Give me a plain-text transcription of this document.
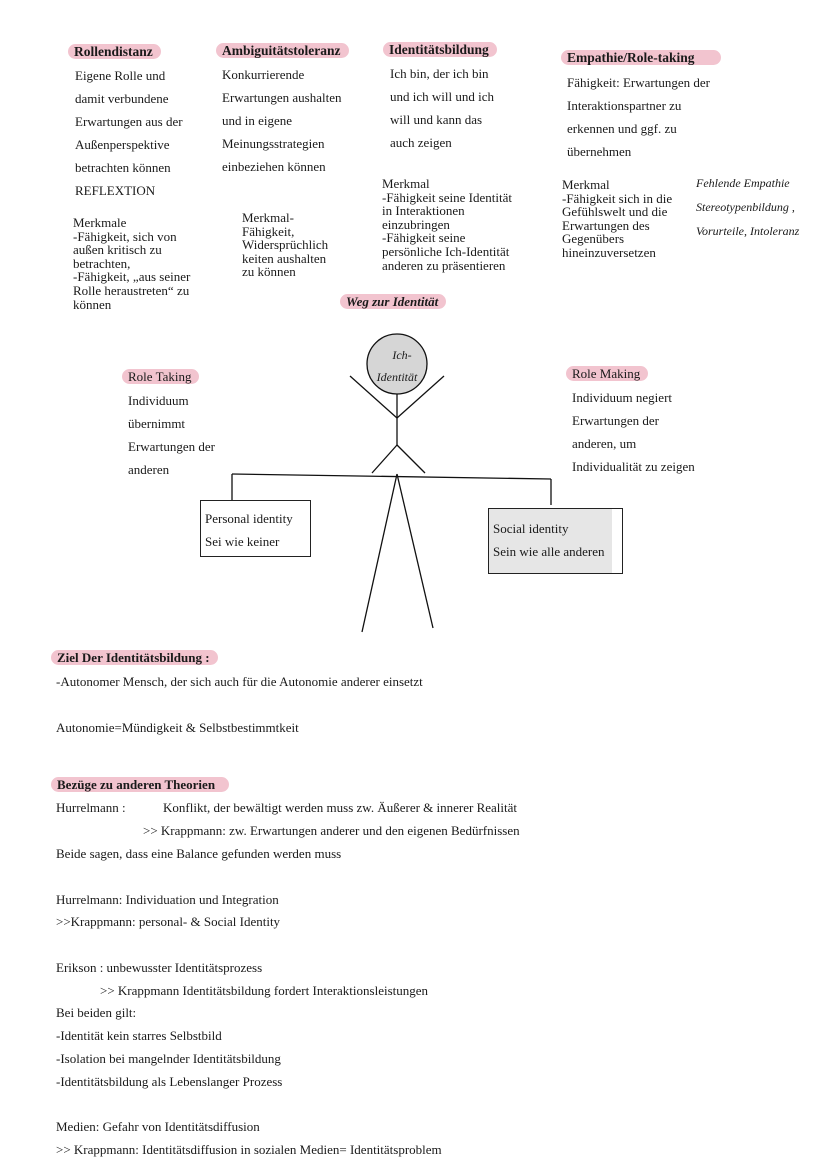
Rollendistanz
Eigene Rolle und
damit verbundene
Erwartungen aus der
Außenperspektive
betrachten können
REFLEXTION
Merkmale
-Fähigkeit, sich von
außen kritisch zu
betrachten,
-Fähigkeit, „aus seiner
Rolle heraustreten“ zu
können
Ambiguitätstoleranz
Konkurrierende
Erwartungen aushalten
und in eigene
Meinungsstrategien
einbeziehen können
Merkmal-
Fähigkeit,
Widersprüchlich
keiten aushalten
zu können
Identitätsbildung
Ich bin, der ich bin
und ich will und ich
will und kann das
auch zeigen
Merkmal
-Fähigkeit seine Identität
in Interaktionen
einzubringen
-Fähigkeit seine
persönliche Ich-Identität
anderen zu präsentieren
Empathie/Role-taking
Fähigkeit: Erwartungen der
Interaktionspartner zu
erkennen und ggf. zu
übernehmen
Merkmal
-Fähigkeit sich in die
Gefühlswelt und die
Erwartungen des
Gegenübers
hineinzuversetzen
Fehlende Empathie
Stereotypenbildung ,
Vorurteile, Intoleranz
Weg zur Identität
Ich-
Identität
Role Taking
Individuum
übernimmt
Erwartungen der
anderen
Role Making
Individuum negiert
Erwartungen der
anderen, um
Individualität zu zeigen
Personal identity
Sei wie keiner
Social identity
Sein wie alle anderen
Ziel Der Identitätsbildung :
-Autonomer Mensch, der sich auch für die Autonomie anderer einsetzt
Autonomie=Mündigkeit & Selbstbestimmtkeit
Bezüge zu anderen Theorien
Hurrelmann :	Konflikt, der bewältigt werden muss zw. Äußerer & innerer Realität
>> Krappmann: zw. Erwartungen anderer und den eigenen Bedürfnissen
Beide sagen, dass eine Balance gefunden werden muss
Hurrelmann: Individuation und Integration
>>Krappmann: personal- & Social Identity
Erikson : unbewusster Identitätsprozess
>> Krappmann Identitätsbildung fordert Interaktionsleistungen
Bei beiden gilt:
-Identität kein starres Selbstbild
-Isolation bei mangelnder Identitätsbildung
-Identitätsbildung als Lebenslanger Prozess
Medien: Gefahr von Identitätsdiffusion
>> Krappmann: Identitätsdiffusion in sozialen Medien= Identitätsproblem
